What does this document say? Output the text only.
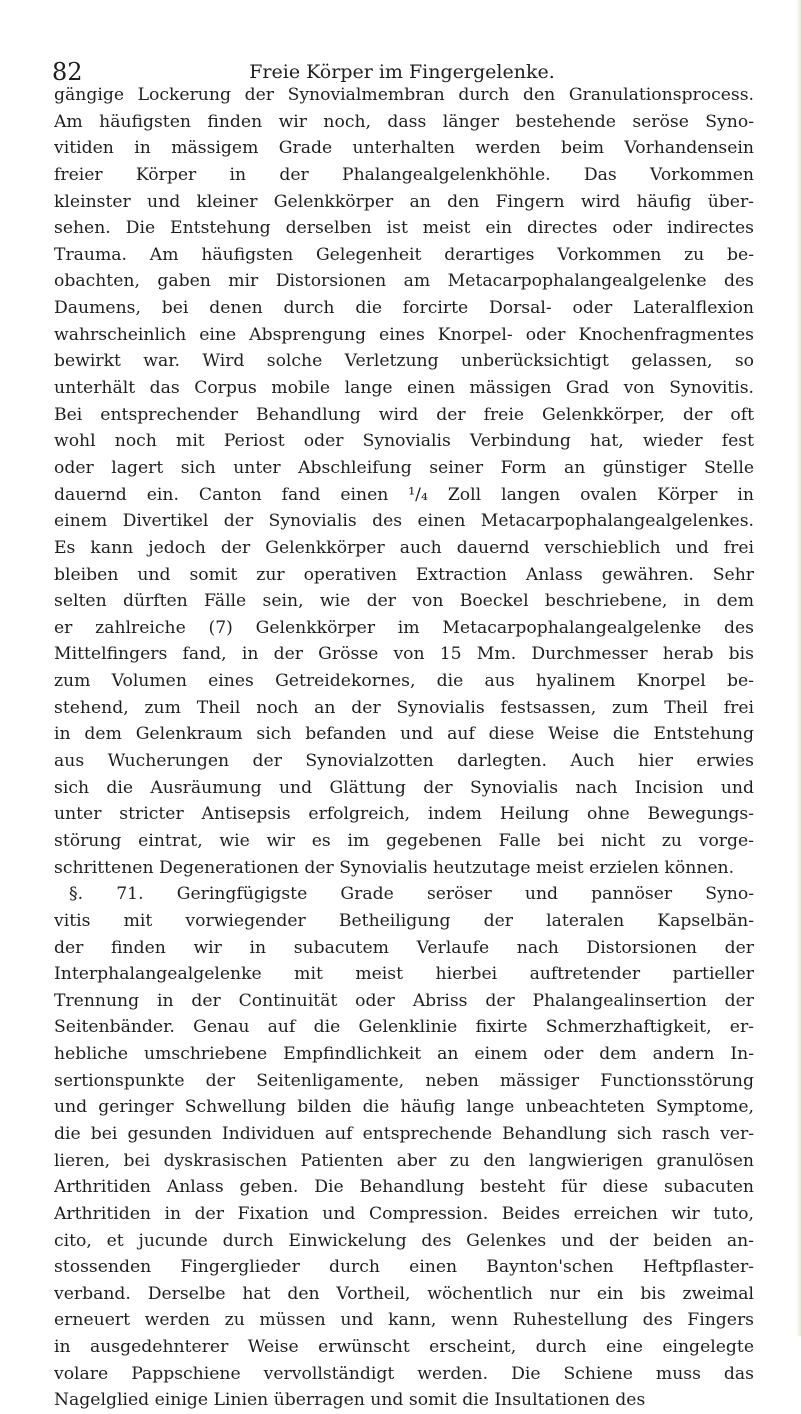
82	Freie Körper im Fingergelenke.
gängige Lockerung der Synovialmembran durch den Granulationsprocess.
Am häufigsten finden wir noch, dass länger bestehende seröse Syno-
vitiden in mässigem Grade unterhalten werden beim Vorhandensein
freier Körper in der Phalangealgelenkhöhle. Das Vorkommen
kleinster und kleiner Gelenkkörper an den Fingern wird häufig über-
sehen. Die Entstehung derselben ist meist ein directes oder indirectes
Trauma. Am häufigsten Gelegenheit derartiges Vorkommen zu be-
obachten, gaben mir Distorsionen am Metacarpophalangealgelenke des
Daumens, bei denen durch die forcirte Dorsal- oder Lateralflexion
wahrscheinlich eine Absprengung eines Knorpel- oder Knochenfragmentes
bewirkt war. Wird solche Verletzung unberücksichtigt gelassen, so
unterhält das Corpus mobile lange einen mässigen Grad von Synovitis.
Bei entsprechender Behandlung wird der freie Gelenkkörper, der oft
wohl noch mit Periost oder Synovialis Verbindung hat, wieder fest
oder lagert sich unter Abschleifung seiner Form an günstiger Stelle
dauernd ein. Canton fand einen ¹/₄ Zoll langen ovalen Körper in
einem Divertikel der Synovialis des einen Metacarpophalangealgelenkes.
Es kann jedoch der Gelenkkörper auch dauernd verschieblich und frei
bleiben und somit zur operativen Extraction Anlass gewähren. Sehr
selten dürften Fälle sein, wie der von Boeckel beschriebene, in dem
er zahlreiche (7) Gelenkkörper im Metacarpophalangealgelenke des
Mittelfingers fand, in der Grösse von 15 Mm. Durchmesser herab bis
zum Volumen eines Getreidekornes, die aus hyalinem Knorpel be-
stehend, zum Theil noch an der Synovialis festsassen, zum Theil frei
in dem Gelenkraum sich befanden und auf diese Weise die Entstehung
aus Wucherungen der Synovialzotten darlegten. Auch hier erwies
sich die Ausräumung und Glättung der Synovialis nach Incision und
unter stricter Antisepsis erfolgreich, indem Heilung ohne Bewegungs-
störung eintrat, wie wir es im gegebenen Falle bei nicht zu vorge-
schrittenen Degenerationen der Synovialis heutzutage meist erzielen können.
§. 71. Geringfügigste Grade seröser und pannöser Syno-
vitis mit vorwiegender Betheiligung der lateralen Kapselbän-
der finden wir in subacutem Verlaufe nach Distorsionen der
Interphalangealgelenke mit meist hierbei auftretender partieller
Trennung in der Continuität oder Abriss der Phalangealinsertion der
Seitenbänder. Genau auf die Gelenklinie fixirte Schmerzhaftigkeit, er-
hebliche umschriebene Empfindlichkeit an einem oder dem andern In-
sertionspunkte der Seitenligamente, neben mässiger Functionsstörung
und geringer Schwellung bilden die häufig lange unbeachteten Symptome,
die bei gesunden Individuen auf entsprechende Behandlung sich rasch ver-
lieren, bei dyskrasischen Patienten aber zu den langwierigen granulösen
Arthritiden Anlass geben. Die Behandlung besteht für diese subacuten
Arthritiden in der Fixation und Compression. Beides erreichen wir tuto,
cito, et jucunde durch Einwickelung des Gelenkes und der beiden an-
stossenden Fingerglieder durch einen Baynton'schen Heftpflaster-
verband. Derselbe hat den Vortheil, wöchentlich nur ein bis zweimal
erneuert werden zu müssen und kann, wenn Ruhestellung des Fingers
in ausgedehnterer Weise erwünscht erscheint, durch eine eingelegte
volare Pappschiene vervollständigt werden. Die Schiene muss das
Nagelglied einige Linien überragen und somit die Insultationen des
